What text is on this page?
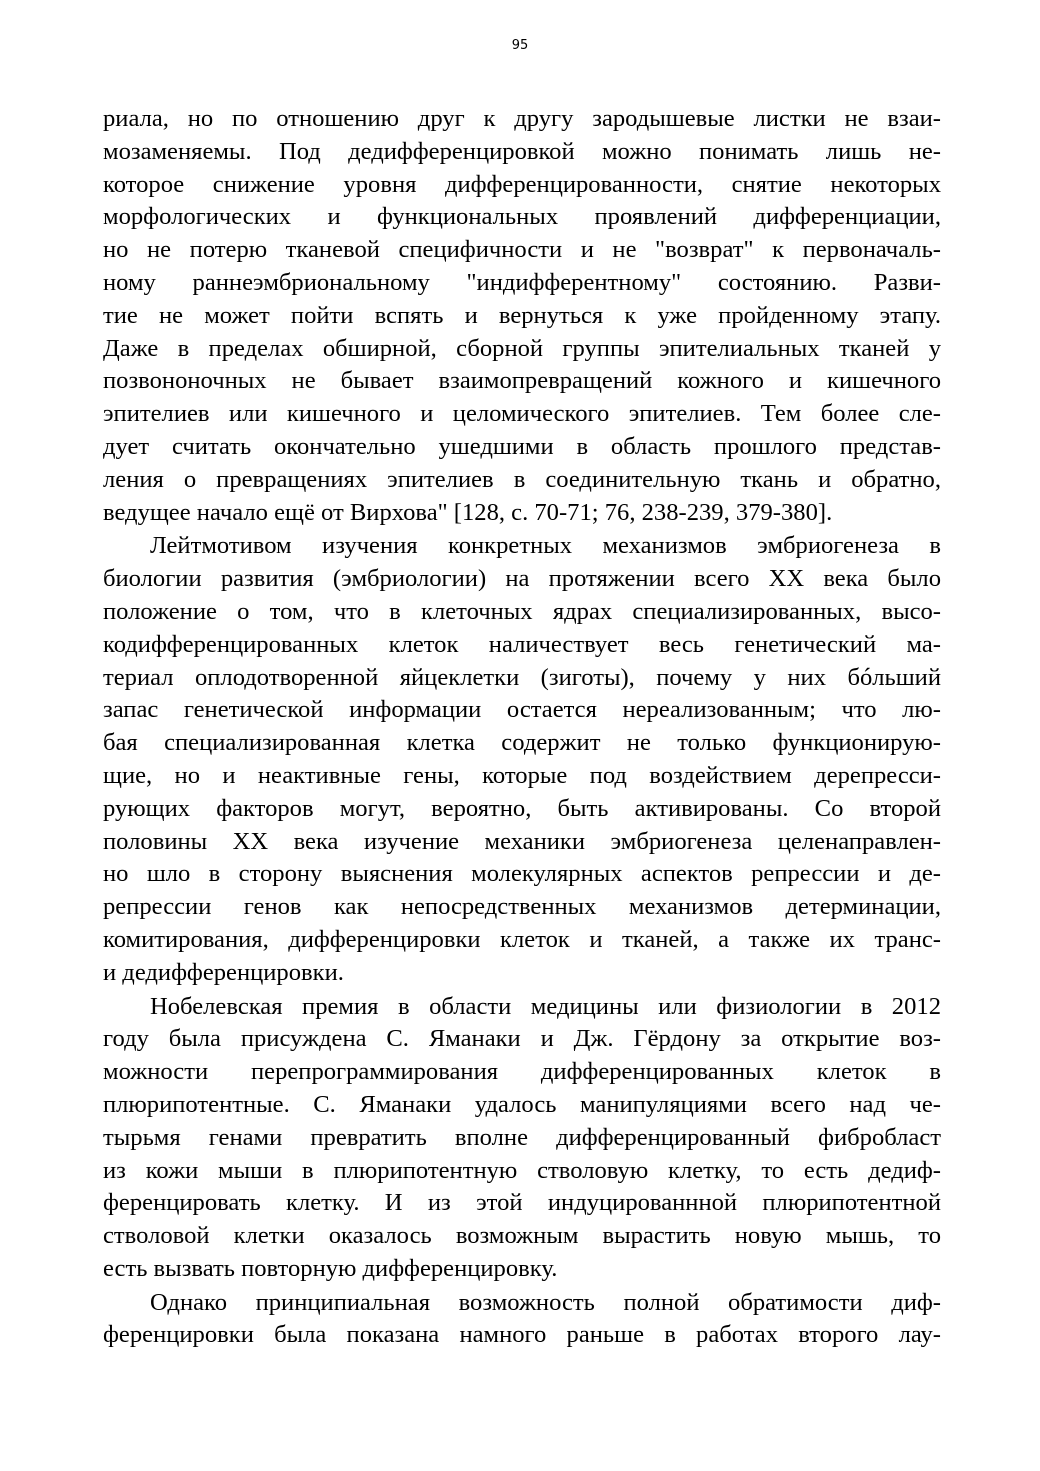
95
риала, но по отношению друг к другу зародышевые листки не взаи-
мозаменяемы. Под дедифференцировкой можно понимать лишь не-
которое снижение уровня дифференцированности, снятие некоторых
морфологических и функциональных проявлений дифференциации,
но не потерю тканевой специфичности и не "возврат" к первоначаль-
ному раннеэмбриональному "индифферентному" состоянию. Разви-
тие не может пойти вспять и вернуться к уже пройденному этапу.
Даже в пределах обширной, сборной группы эпителиальных тканей у
позвононочных не бывает взаимопревращений кожного и кишечного
эпителиев или кишечного и целомического эпителиев. Тем более сле-
дует считать окончательно ушедшими в область прошлого представ-
ления о превращениях эпителиев в соединительную ткань и обратно,
ведущее начало ещё от Вирхова" [128, с. 70-71; 76, 238-239, 379-380].
Лейтмотивом изучения конкретных механизмов эмбриогенеза в
биологии развития (эмбриологии) на протяжении всего XX века было
положение о том, что в клеточных ядрах специализированных, высо-
кодифференцированных клеток наличествует весь генетический ма-
териал оплодотворенной яйцеклетки (зиготы), почему у них бóльший
запас генетической информации остается нереализованным; что лю-
бая специализированная клетка содержит не только функционирую-
щие, но и неактивные гены, которые под воздействием дерепресси-
рующих факторов могут, вероятно, быть активированы. Со второй
половины XX века изучение механики эмбриогенеза целенаправлен-
но шло в сторону выяснения молекулярных аспектов репрессии и де-
репрессии генов как непосредственных механизмов детерминации,
комитирования, дифференцировки клеток и тканей, а также их транс-
и дедифференцировки.
Нобелевская премия в области медицины или физиологии в 2012
году была присуждена С. Яманаки и Дж. Гёрдону за открытие воз-
можности перепрограммирования дифференцированных клеток в
плюрипотентные. С. Яманаки удалось манипуляциями всего над че-
тырьмя генами превратить вполне дифференцированный фибробласт
из кожи мыши в плюрипотентную стволовую клетку, то есть дедиф-
ференцировать клетку. И из этой индуцированнной плюрипотентной
стволовой клетки оказалось возможным вырастить новую мышь, то
есть вызвать повторную дифференцировку.
Однако принципиальная возможность полной обратимости диф-
ференцировки была показана намного раньше в работах второго лау-
